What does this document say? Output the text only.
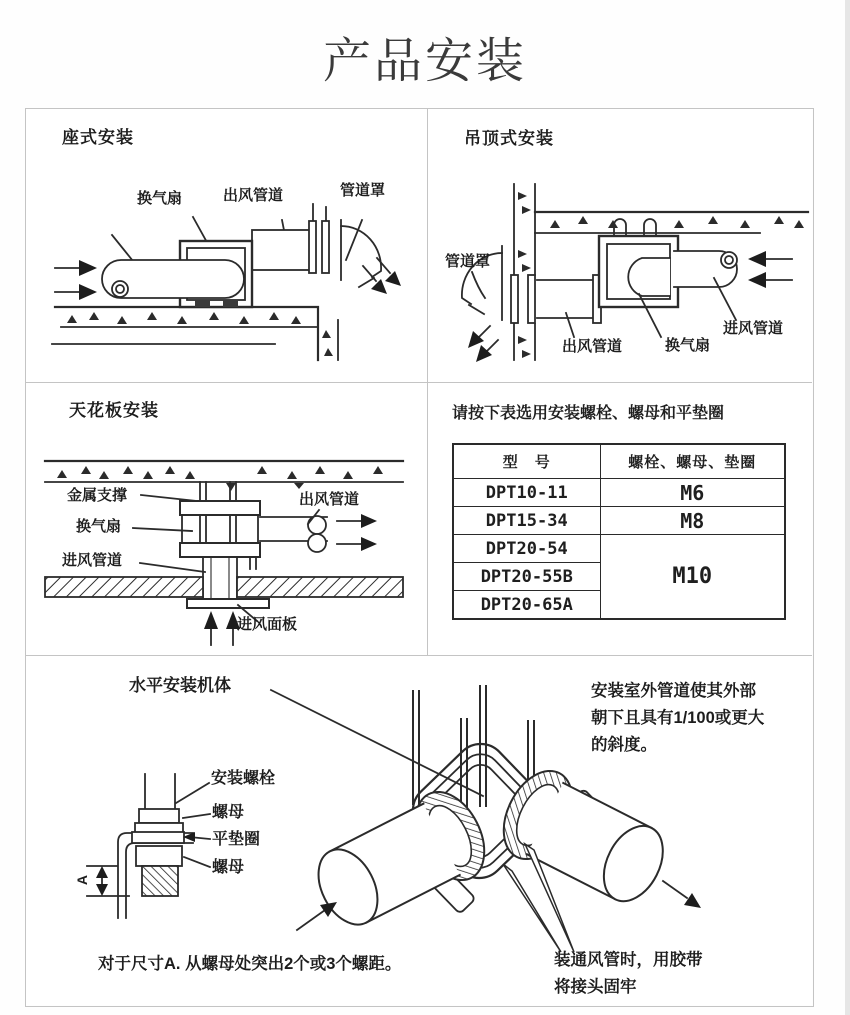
产品安装
座式安装
换气扇	出风管道	管道罩
吊顶式安装
管道罩
出风管道	换气扇
进风管道
天花板安装
金属支撑
换气扇
进风管道
出风管道
进风面板
请按下表选用安装螺栓、螺母和平垫圈
型　号	螺栓、螺母、垫圈
DPT10-11	M6
DPT15-34	M8
DPT20-54	M10
DPT20-55B	
DPT20-65A	
水平安装机体	安装室外管道使其外部
朝下且具有1/100或更大
的斜度。
安装螺栓
螺母
平垫圈
螺母
A
对于尺寸A. 从螺母处突出2个或3个螺距。	装通风管时，用胶带
将接头固牢
